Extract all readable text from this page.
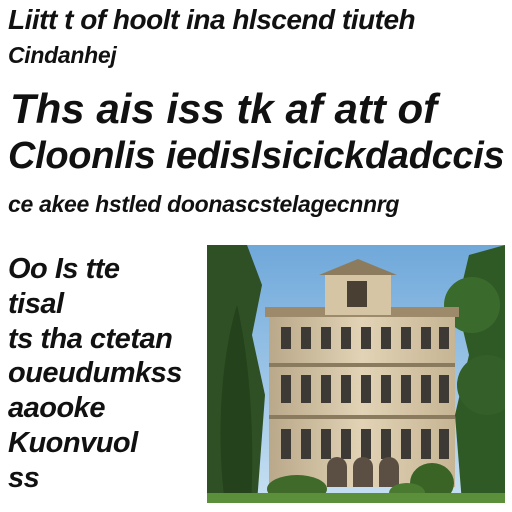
Liitt t of hoolt ina hlscend tiuteh

Cindanhej

Ths ais iss tk af att of

Cloonlis iedislsicickdadccis

ce akee hstled doonascstelagecnnrg

Oo Is tte
tisal
ts tha ctetan
oueudumkss
aaooke
Kuonvuol
ss
